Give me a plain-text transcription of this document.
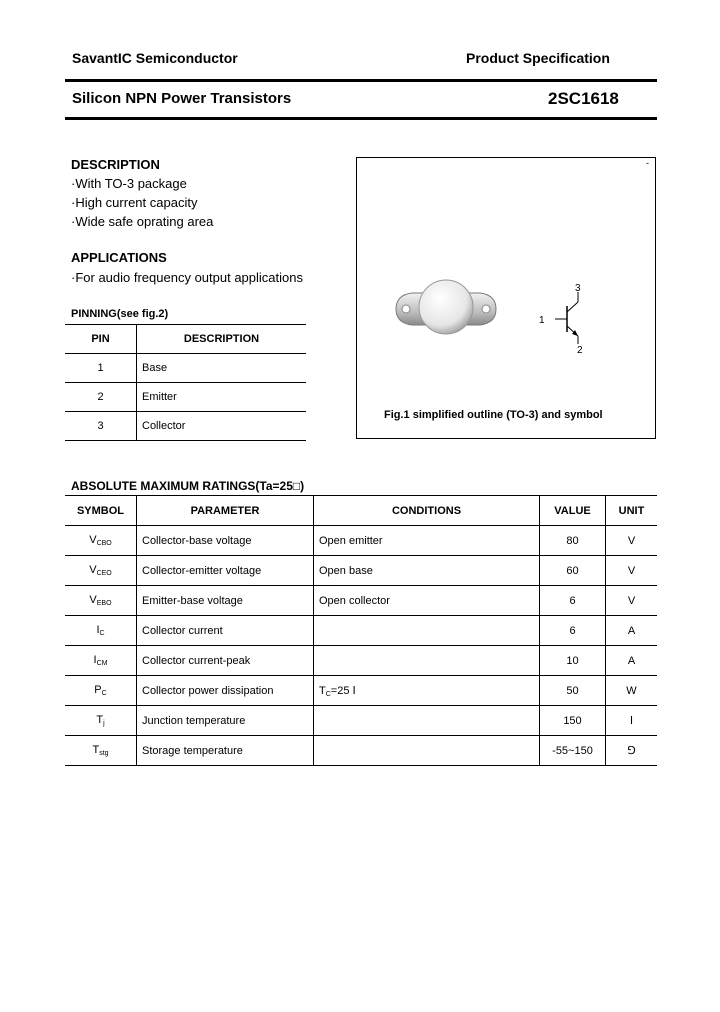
SavantIC Semiconductor	Product Specification
Silicon NPN Power Transistors	2SC1618
DESCRIPTION
·With TO-3 package
·High current capacity
·Wide safe oprating area
APPLICATIONS
·For audio frequency output applications
PINNING(see fig.2)
PIN	DESCRIPTION
1	Base
2	Emitter
3	Collector
-
3
1
2
Fig.1 simplified outline (TO-3) and symbol
ABSOLUTE MAXIMUM RATINGS(Ta=25□)
SYMBOL	PARAMETER	CONDITIONS	VALUE	UNIT
$V_{CBO}$	Collector-base voltage	Open emitter	80	V
$V_{CEO}$	Collector-emitter voltage	Open base	60	V
$V_{EBO}$	Emitter-base voltage	Open collector	6	V
$I_C$	Collector current		6	A
$I_{CM}$	Collector current-peak		10	A
$P_C$	Collector power dissipation	$T_C=25$ Ⅰ	50	W
$T_j$	Junction temperature		150	Ⅰ
$T_{stg}$	Storage temperature		-55~150	⅁
